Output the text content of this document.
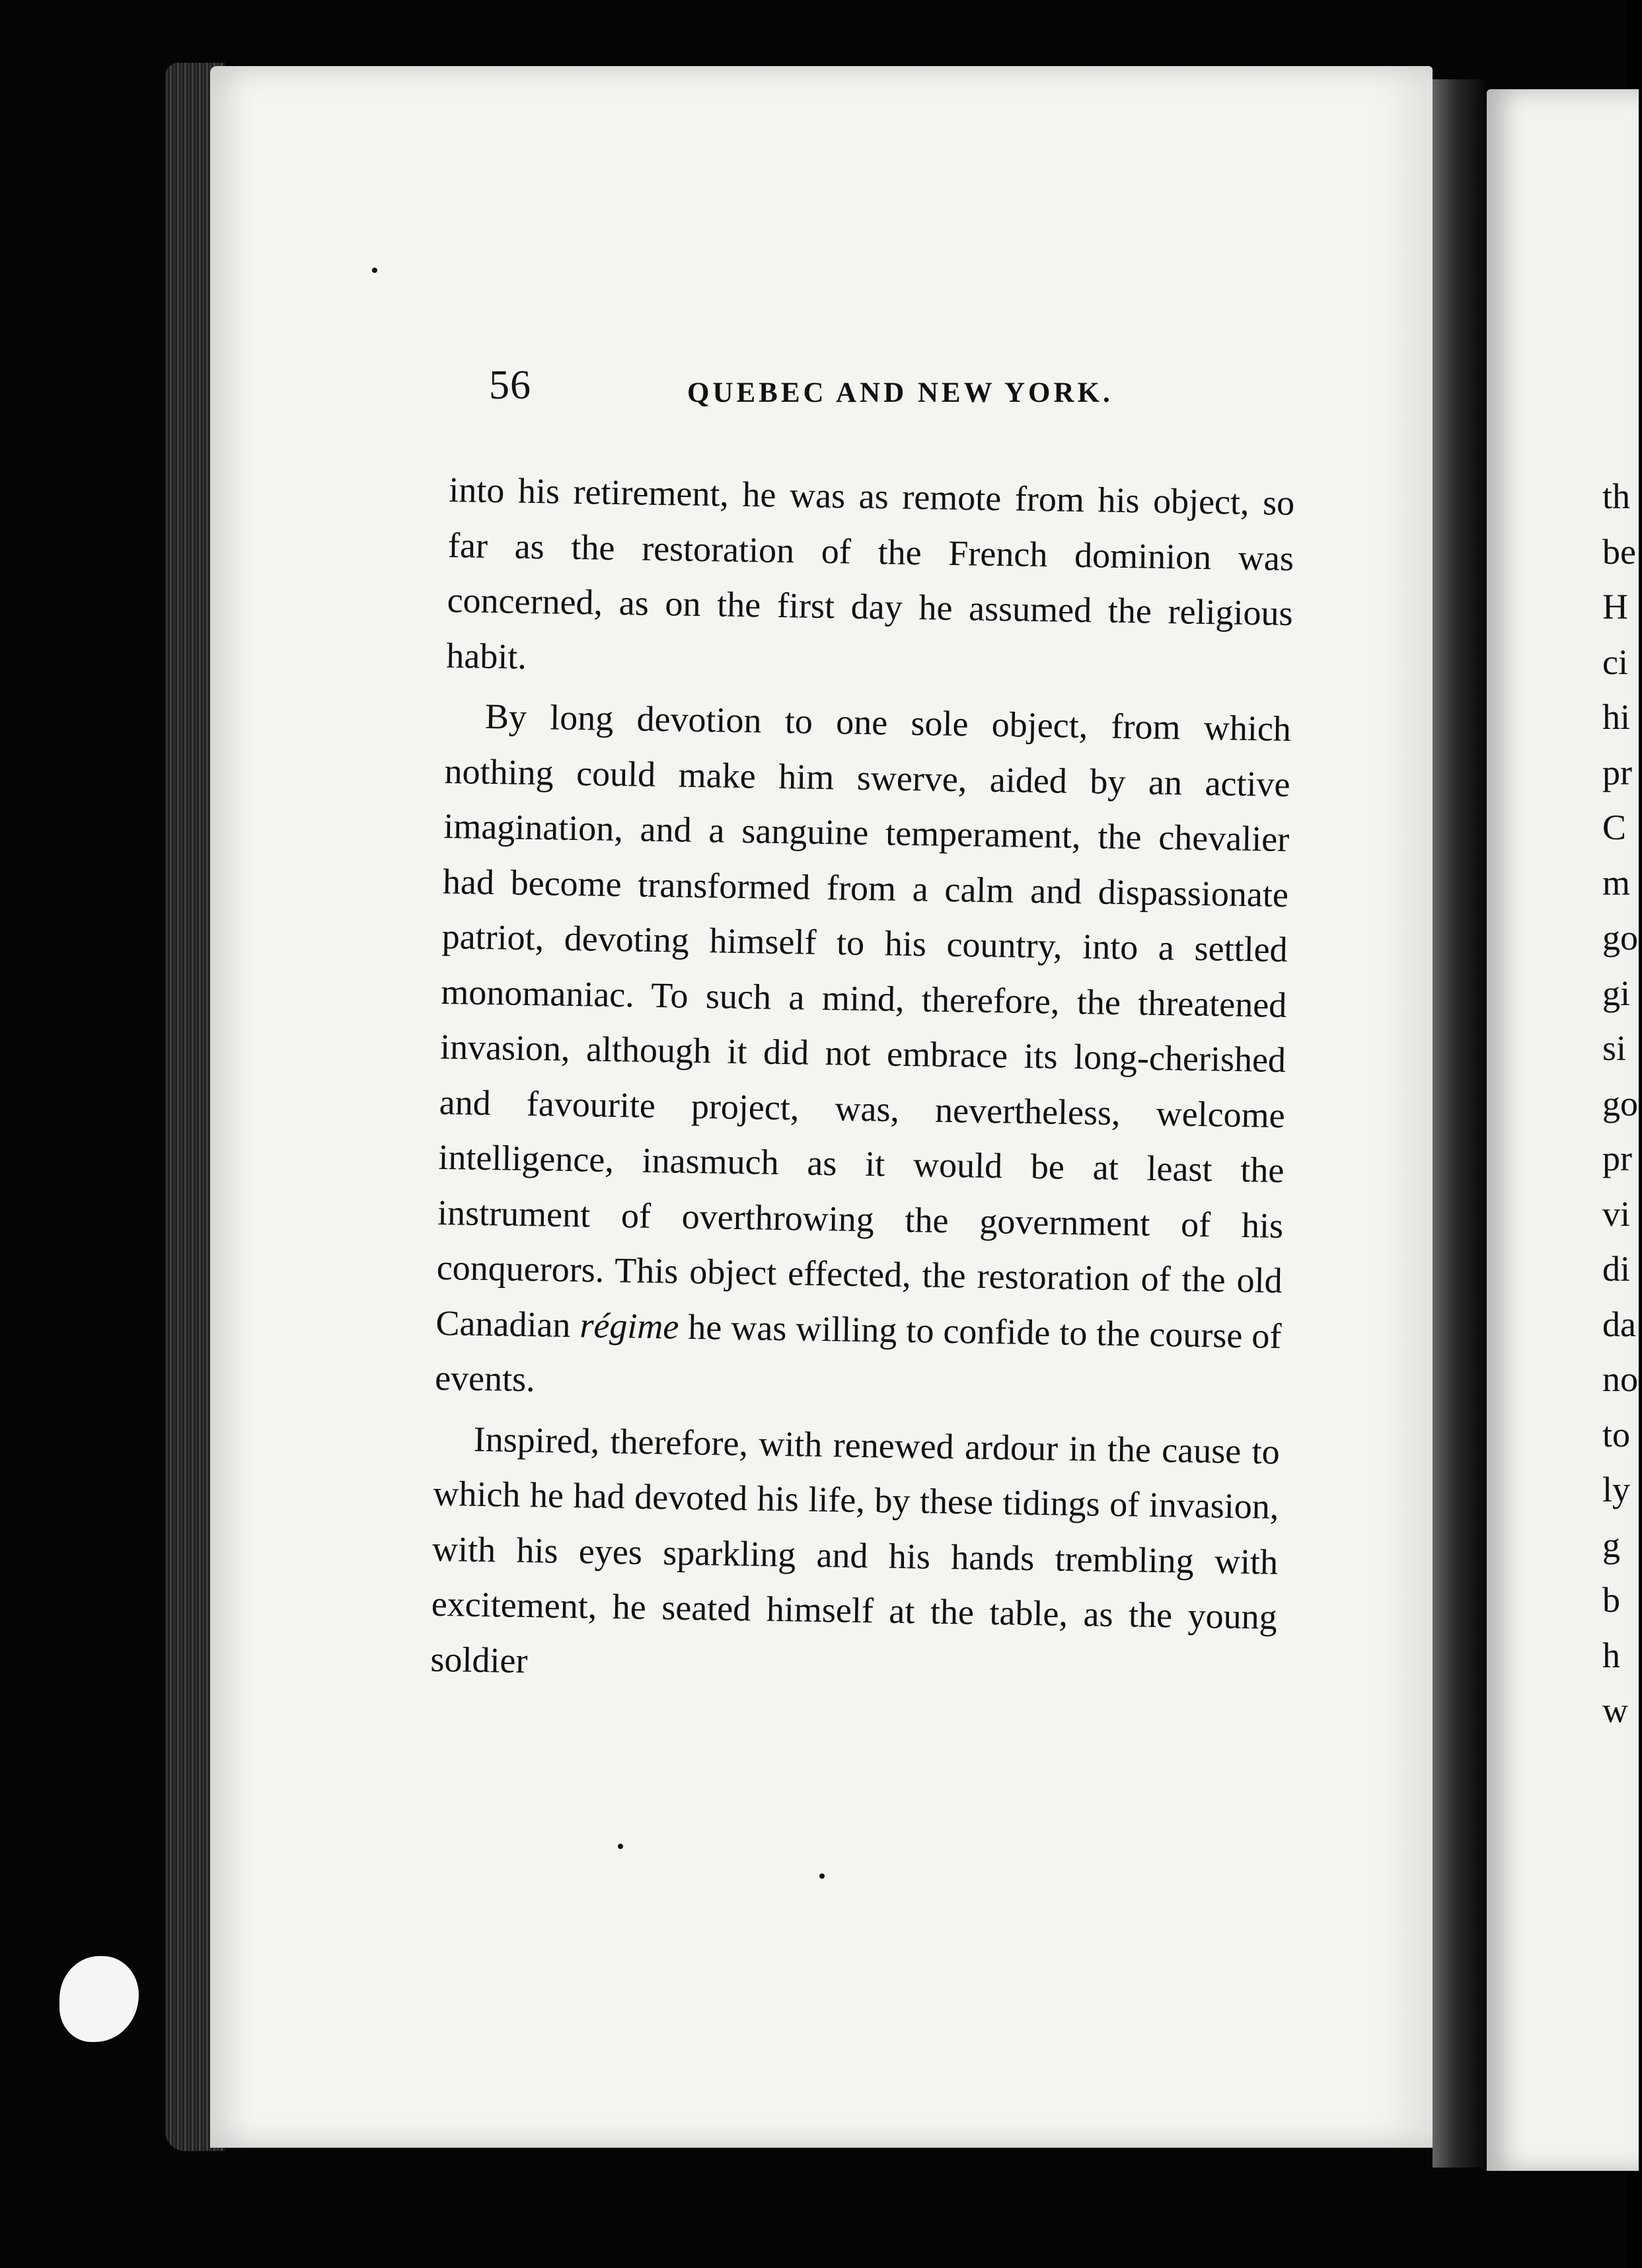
56	QUEBEC AND NEW YORK.

into his retirement, he was as remote from his object, so far as the restoration of the French dominion was concerned, as on the first day he assumed the religious habit.

By long devotion to one sole object, from which nothing could make him swerve, aided by an active imagination, and a sanguine temperament, the chevalier had become transformed from a calm and dispassionate patriot, devoting himself to his country, into a settled monomaniac. To such a mind, therefore, the threatened invasion, although it did not embrace its long-cherished and favourite project, was, nevertheless, welcome intelligence, inasmuch as it would be at least the instrument of overthrowing the government of his conquerors. This object effected, the restoration of the old Canadian régime he was willing to confide to the course of events.

Inspired, therefore, with renewed ardour in the cause to which he had devoted his life, by these tidings of invasion, with his eyes sparkling and his hands trembling with excitement, he seated himself at the table, as the young soldier

th
be
H
ci
hi
pr
C
m
go
gi
si
go
pr
vi
di
da
no
to
ly
g
b
h
w
